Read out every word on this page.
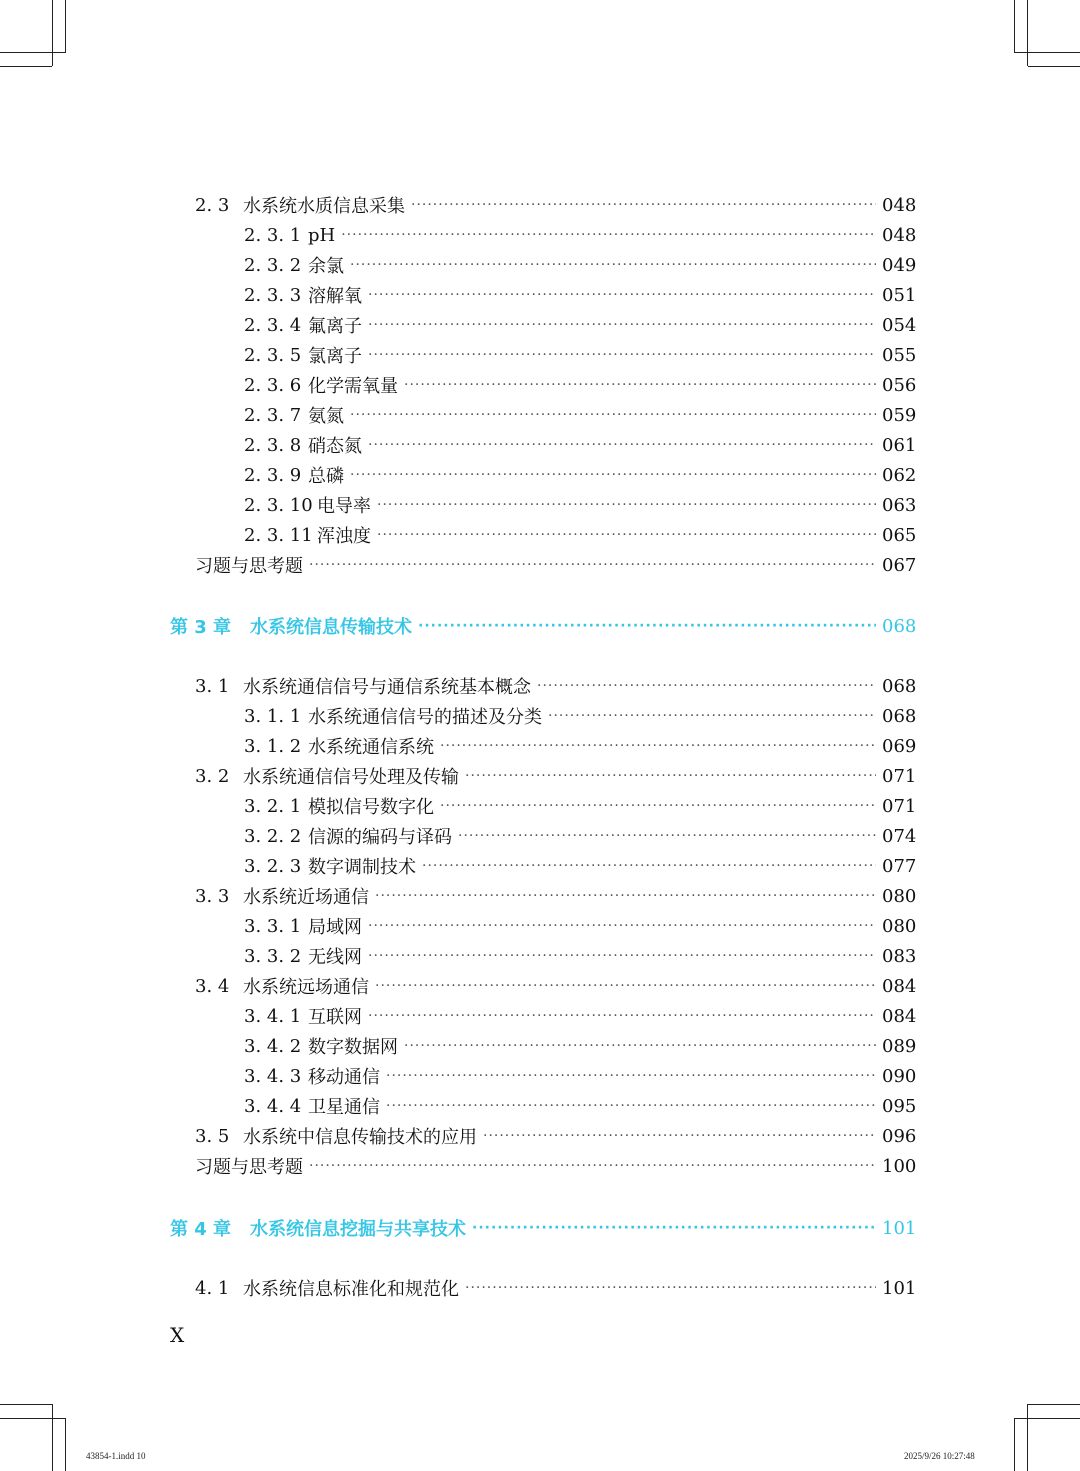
2. 3 水系统水质信息采集 ·····	048
2. 3. 1 pH ·····	048
2. 3. 2 余氯 ·····	049
2. 3. 3 溶解氧 ·····	051
2. 3. 4 氟离子 ·····	054
2. 3. 5 氯离子 ·····	055
2. 3. 6 化学需氧量 ·····	056
2. 3. 7 氨氮 ·····	059
2. 3. 8 硝态氮 ·····	061
2. 3. 9 总磷 ·····	062
2. 3. 10 电导率 ·····	063
2. 3. 11 浑浊度 ·····	065
习题与思考题 ·····	067
第 3 章	水系统信息传输技术 ·····	068
3. 1 水系统通信信号与通信系统基本概念 ·····	068
3. 1. 1 水系统通信信号的描述及分类 ·····	068
3. 1. 2 水系统通信系统 ·····	069
3. 2 水系统通信信号处理及传输 ·····	071
3. 2. 1 模拟信号数字化 ·····	071
3. 2. 2 信源的编码与译码 ·····	074
3. 2. 3 数字调制技术 ·····	077
3. 3 水系统近场通信 ·····	080
3. 3. 1 局域网 ·····	080
3. 3. 2 无线网 ·····	083
3. 4 水系统远场通信 ·····	084
3. 4. 1 互联网 ·····	084
3. 4. 2 数字数据网 ·····	089
3. 4. 3 移动通信 ·····	090
3. 4. 4 卫星通信 ·····	095
3. 5 水系统中信息传输技术的应用 ·····	096
习题与思考题 ·····	100
第 4 章	水系统信息挖掘与共享技术 ·····	101
4. 1 水系统信息标准化和规范化 ·····	101
X
43854-1.indd 10	2025/9/26 10:27:48
